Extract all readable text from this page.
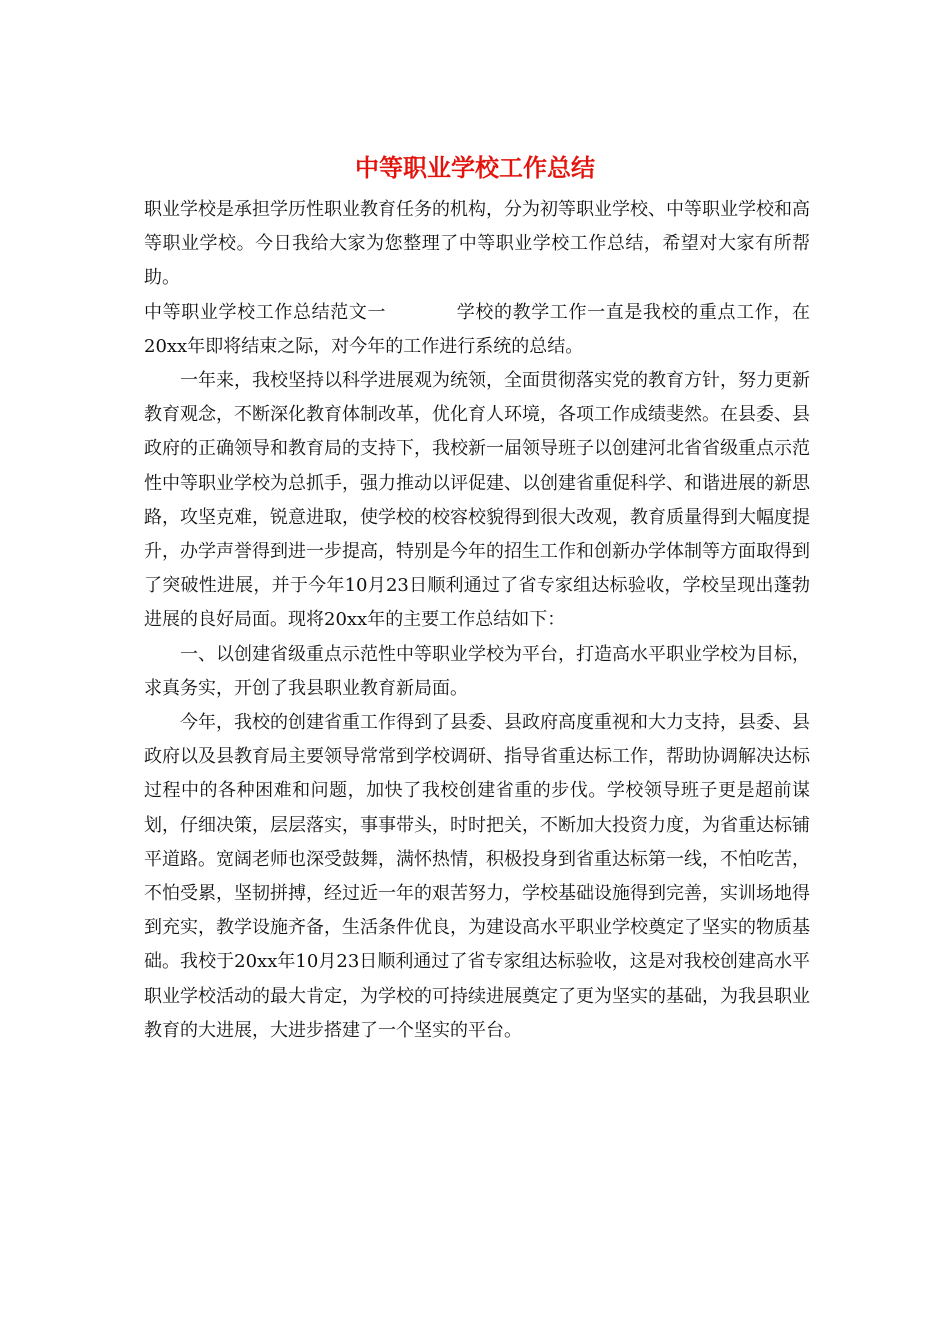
中等职业学校工作总结

职业学校是承担学历性职业教育任务的机构，分为初等职业学校、中等职业学校和高等职业学校。今日我给大家为您整理了中等职业学校工作总结，希望对大家有所帮助。

中等职业学校工作总结范文一	学校的教学工作一直是我校的重点工作，在20xx年即将结束之际，对今年的工作进行系统的总结。

一年来，我校坚持以科学进展观为统领，全面贯彻落实党的教育方针，努力更新教育观念，不断深化教育体制改革，优化育人环境，各项工作成绩斐然。在县委、县政府的正确领导和教育局的支持下，我校新一届领导班子以创建河北省省级重点示范性中等职业学校为总抓手，强力推动以评促建、以创建省重促科学、和谐进展的新思路，攻坚克难，锐意进取，使学校的校容校貌得到很大改观，教育质量得到大幅度提升，办学声誉得到进一步提高，特别是今年的招生工作和创新办学体制等方面取得到了突破性进展，并于今年10月23日顺利通过了省专家组达标验收，学校呈现出蓬勃进展的良好局面。现将20xx年的主要工作总结如下：

一、以创建省级重点示范性中等职业学校为平台，打造高水平职业学校为目标，求真务实，开创了我县职业教育新局面。

今年，我校的创建省重工作得到了县委、县政府高度重视和大力支持，县委、县政府以及县教育局主要领导常常到学校调研、指导省重达标工作，帮助协调解决达标过程中的各种困难和问题，加快了我校创建省重的步伐。学校领导班子更是超前谋划，仔细决策，层层落实，事事带头，时时把关，不断加大投资力度，为省重达标铺平道路。宽阔老师也深受鼓舞，满怀热情，积极投身到省重达标第一线，不怕吃苦，不怕受累，坚韧拼搏，经过近一年的艰苦努力，学校基础设施得到完善，实训场地得到充实，教学设施齐备，生活条件优良，为建设高水平职业学校奠定了坚实的物质基础。我校于20xx年10月23日顺利通过了省专家组达标验收，这是对我校创建高水平职业学校活动的最大肯定，为学校的可持续进展奠定了更为坚实的基础，为我县职业教育的大进展，大进步搭建了一个坚实的平台。
